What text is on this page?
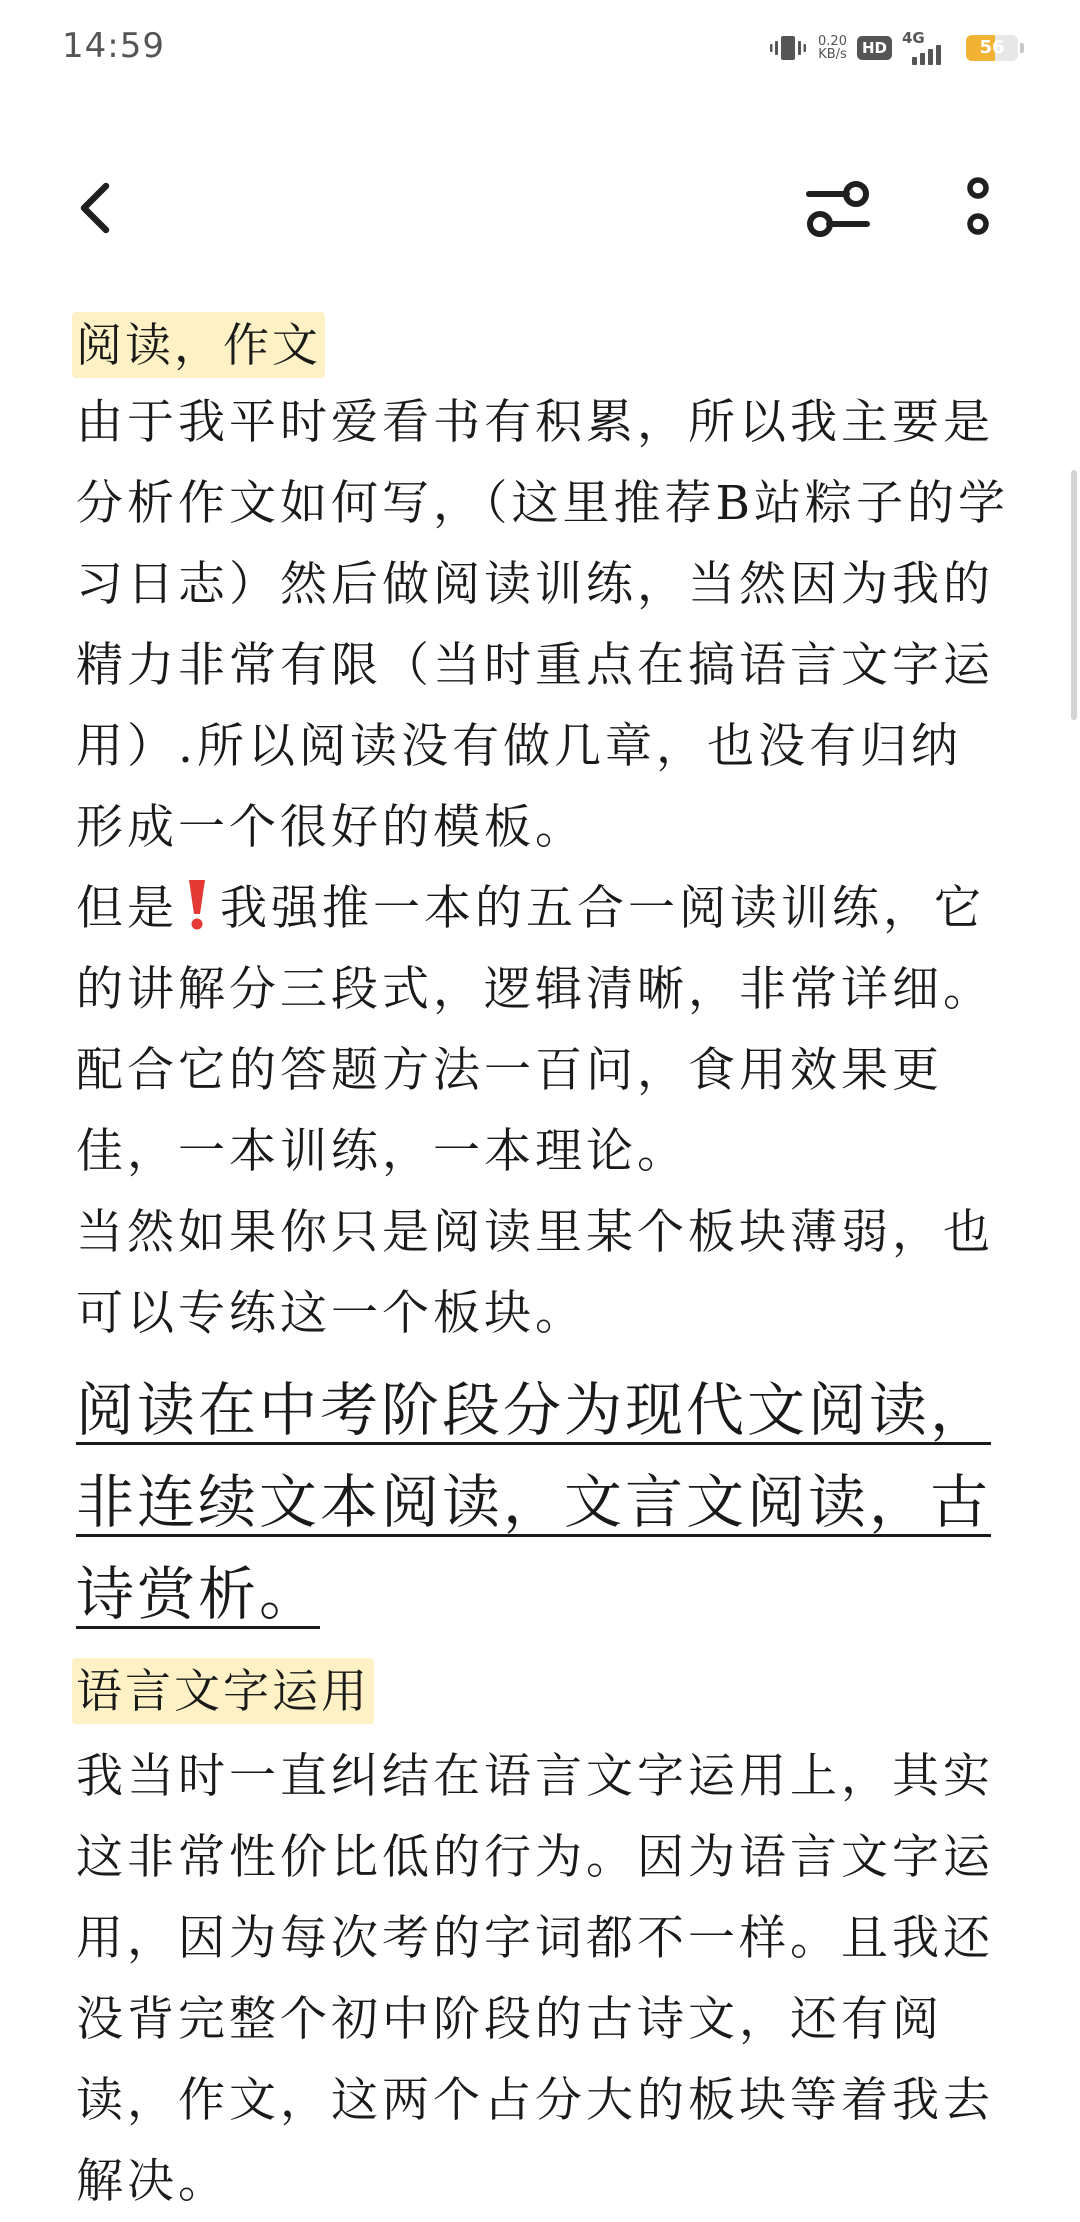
14:59	0.20
KB/s	HD
4G	56
阅读，作文

由于我平时爱看书有积累，所以我主要是分析作文如何写，（这里推荐B站粽子的学习日志）然后做阅读训练，当然因为我的精力非常有限（当时重点在搞语言文字运用）.所以阅读没有做几章，也没有归纳形成一个很好的模板。

但是 我强推一本的五合一阅读训练，它的讲解分三段式，逻辑清晰，非常详细。配合它的答题方法一百问，食用效果更佳，一本训练，一本理论。

当然如果你只是阅读里某个板块薄弱，也可以专练这一个板块。

阅读在中考阶段分为现代文阅读，非连续文本阅读，文言文阅读，古诗赏析。

语言文字运用

我当时一直纠结在语言文字运用上，其实这非常性价比低的行为。因为语言文字运用，因为每次考的字词都不一样。且我还没背完整个初中阶段的古诗文，还有阅读，作文，这两个占分大的板块等着我去解决。
